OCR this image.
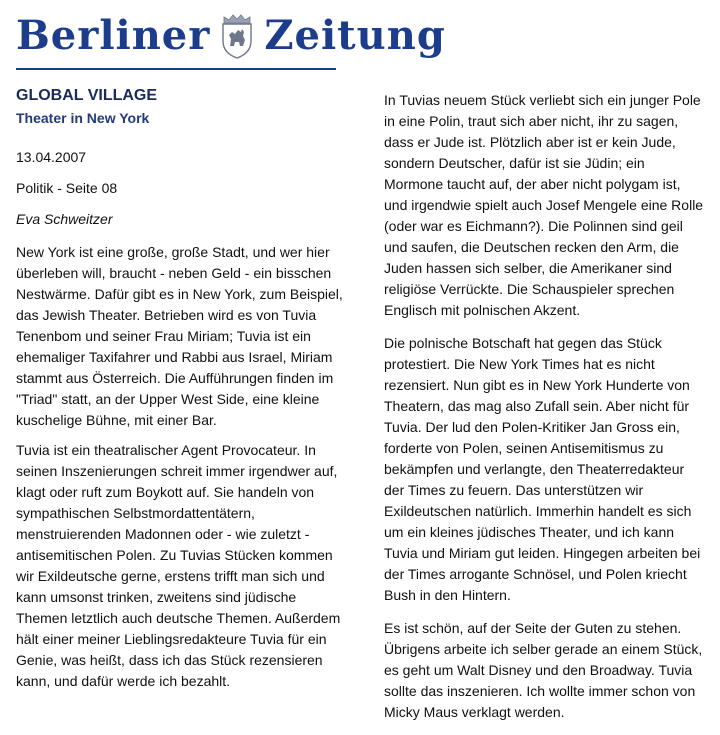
Berliner Zeitung
GLOBAL VILLAGE
Theater in New York
13.04.2007
Politik - Seite 08
Eva Schweitzer

New York ist eine große, große Stadt, und wer hier überleben will, braucht - neben Geld - ein bisschen Nestwärme. Dafür gibt es in New York, zum Beispiel, das Jewish Theater. Betrieben wird es von Tuvia Tenenbom und seiner Frau Miriam; Tuvia ist ein ehemaliger Taxifahrer und Rabbi aus Israel, Miriam stammt aus Österreich. Die Aufführungen finden im "Triad" statt, an der Upper West Side, eine kleine kuschelige Bühne, mit einer Bar.

Tuvia ist ein theatralischer Agent Provocateur. In seinen Inszenierungen schreit immer irgendwer auf, klagt oder ruft zum Boykott auf. Sie handeln von sympathischen Selbstmordattentätern, menstruierenden Madonnen oder - wie zuletzt - antisemitischen Polen. Zu Tuvias Stücken kommen wir Exildeutsche gerne, erstens trifft man sich und kann umsonst trinken, zweitens sind jüdische Themen letztlich auch deutsche Themen. Außerdem hält einer meiner Lieblingsredakteure Tuvia für ein Genie, was heißt, dass ich das Stück rezensieren kann, und dafür werde ich bezahlt.

In Tuvias neuem Stück verliebt sich ein junger Pole in eine Polin, traut sich aber nicht, ihr zu sagen, dass er Jude ist. Plötzlich aber ist er kein Jude, sondern Deutscher, dafür ist sie Jüdin; ein Mormone taucht auf, der aber nicht polygam ist, und irgendwie spielt auch Josef Mengele eine Rolle (oder war es Eichmann?). Die Polinnen sind geil und saufen, die Deutschen recken den Arm, die Juden hassen sich selber, die Amerikaner sind religiöse Verrückte. Die Schauspieler sprechen Englisch mit polnischen Akzent.

Die polnische Botschaft hat gegen das Stück protestiert. Die New York Times hat es nicht rezensiert. Nun gibt es in New York Hunderte von Theatern, das mag also Zufall sein. Aber nicht für Tuvia. Der lud den Polen-Kritiker Jan Gross ein, forderte von Polen, seinen Antisemitismus zu bekämpfen und verlangte, den Theaterredakteur der Times zu feuern. Das unterstützen wir Exildeutschen natürlich. Immerhin handelt es sich um ein kleines jüdisches Theater, und ich kann Tuvia und Miriam gut leiden. Hingegen arbeiten bei der Times arrogante Schnösel, und Polen kriecht Bush in den Hintern.

Es ist schön, auf der Seite der Guten zu stehen. Übrigens arbeite ich selber gerade an einem Stück, es geht um Walt Disney und den Broadway. Tuvia sollte das inszenieren. Ich wollte immer schon von Micky Maus verklagt werden.
